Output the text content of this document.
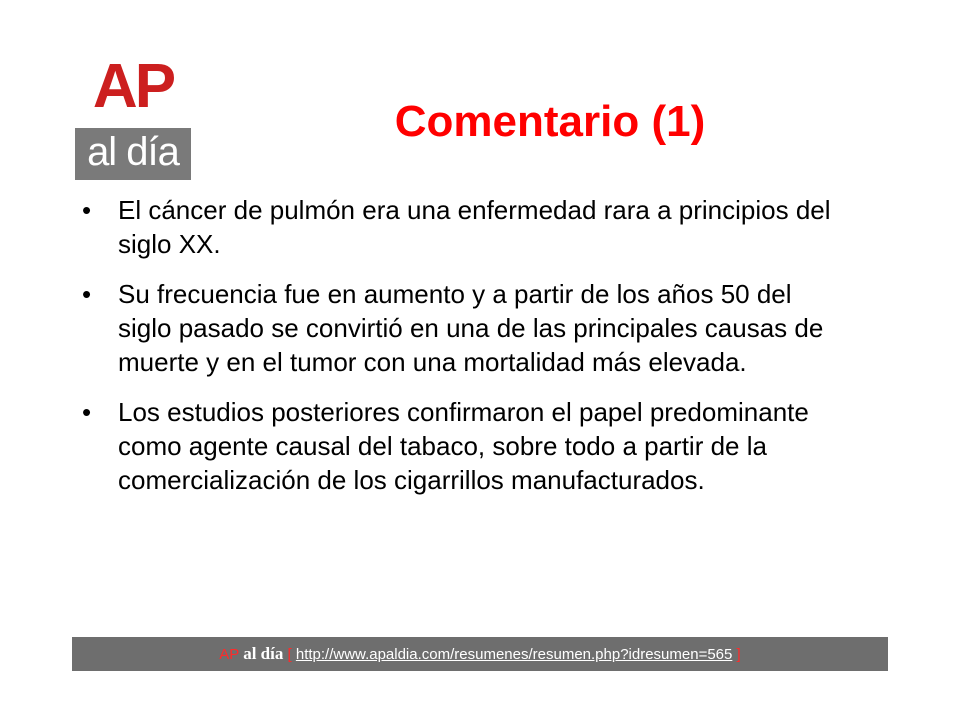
AP
al día
Comentario (1)
• El cáncer de pulmón era una enfermedad rara a principios del siglo XX.
• Su frecuencia fue en aumento y a partir de los años 50 del siglo pasado se convirtió en una de las principales causas de muerte y en el tumor con una mortalidad más elevada.
• Los estudios posteriores confirmaron el papel predominante como agente causal del tabaco, sobre todo a partir de la comercialización de los cigarrillos manufacturados.
AP al día [ http://www.apaldia.com/resumenes/resumen.php?idresumen=565 ]
